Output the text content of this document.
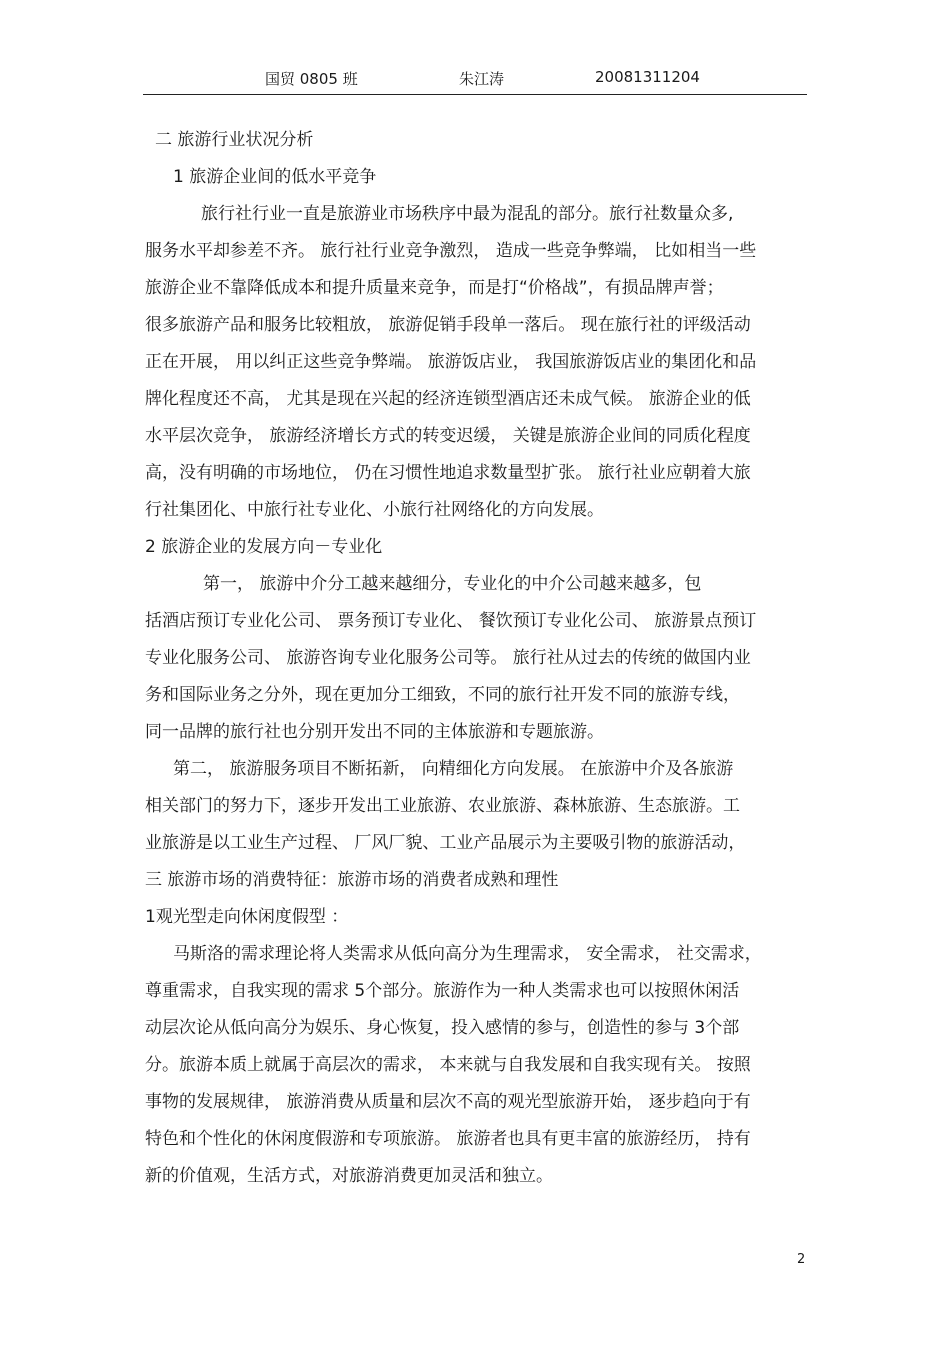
国贸 0805 班	朱江涛	20081311204
二 旅游行业状况分析
1 旅游企业间的低水平竞争
旅行社行业一直是旅游业市场秩序中最为混乱的部分。旅行社数量众多,
服务水平却参差不齐。 旅行社行业竞争激烈， 造成一些竞争弊端， 比如相当一些
旅游企业不靠降低成本和提升质量来竞争，而是打“价格战”，有损品牌声誉；
很多旅游产品和服务比较粗放， 旅游促销手段单一落后。 现在旅行社的评级活动
正在开展， 用以纠正这些竞争弊端。 旅游饭店业， 我国旅游饭店业的集团化和品
牌化程度还不高， 尤其是现在兴起的经济连锁型酒店还未成气候。 旅游企业的低
水平层次竞争， 旅游经济增长方式的转变迟缓， 关键是旅游企业间的同质化程度
高，没有明确的市场地位， 仍在习惯性地追求数量型扩张。 旅行社业应朝着大旅
行社集团化、中旅行社专业化、小旅行社网络化的方向发展。
2 旅游企业的发展方向－专业化
第一， 旅游中介分工越来越细分，专业化的中介公司越来越多，包
括酒店预订专业化公司、 票务预订专业化、 餐饮预订专业化公司、 旅游景点预订
专业化服务公司、 旅游咨询专业化服务公司等。 旅行社从过去的传统的做国内业
务和国际业务之分外，现在更加分工细致，不同的旅行社开发不同的旅游专线，
同一品牌的旅行社也分别开发出不同的主体旅游和专题旅游。
第二， 旅游服务项目不断拓新， 向精细化方向发展。 在旅游中介及各旅游
相关部门的努力下，逐步开发出工业旅游、农业旅游、森林旅游、生态旅游。工
业旅游是以工业生产过程、 厂风厂貌、工业产品展示为主要吸引物的旅游活动，
三 旅游市场的消费特征：旅游市场的消费者成熟和理性
1观光型走向休闲度假型 ：
马斯洛的需求理论将人类需求从低向高分为生理需求， 安全需求， 社交需求，
尊重需求，自我实现的需求 5个部分。旅游作为一种人类需求也可以按照休闲活
动层次论从低向高分为娱乐、身心恢复，投入感情的参与，创造性的参与 3个部
分。旅游本质上就属于高层次的需求， 本来就与自我发展和自我实现有关。 按照
事物的发展规律， 旅游消费从质量和层次不高的观光型旅游开始， 逐步趋向于有
特色和个性化的休闲度假游和专项旅游。 旅游者也具有更丰富的旅游经历， 持有
新的价值观，生活方式，对旅游消费更加灵活和独立。
2
